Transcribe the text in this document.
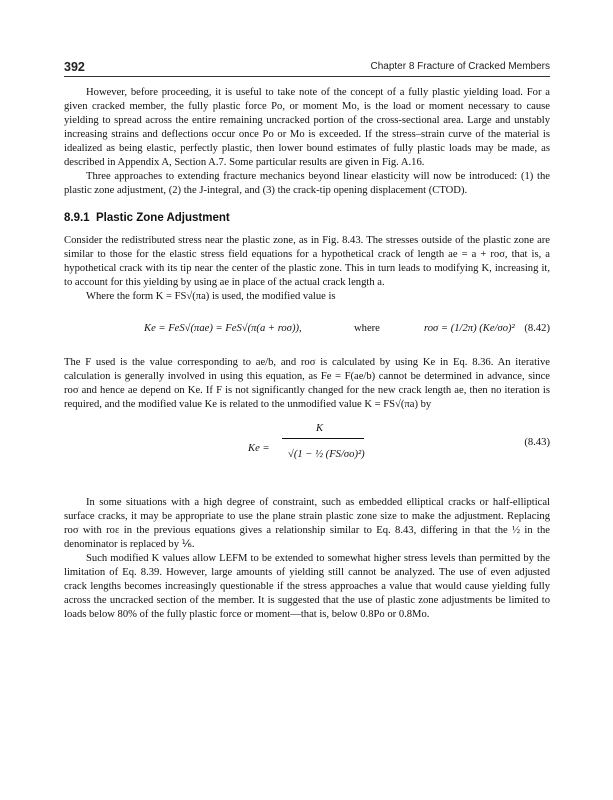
392	Chapter 8 Fracture of Cracked Members

However, before proceeding, it is useful to take note of the concept of a fully plastic yielding load. For a given cracked member, the fully plastic force Po, or moment Mo, is the load or moment necessary to cause yielding to spread across the entire remaining uncracked portion of the cross-sectional area. Large and unstably increasing strains and deflections occur once Po or Mo is exceeded. If the stress–strain curve of the material is idealized as being elastic, perfectly plastic, then lower bound estimates of fully plastic loads may be made, as described in Appendix A, Section A.7. Some particular results are given in Fig. A.16.

Three approaches to extending fracture mechanics beyond linear elasticity will now be introduced: (1) the plastic zone adjustment, (2) the J-integral, and (3) the crack-tip opening displacement (CTOD).

8.9.1 Plastic Zone Adjustment

Consider the redistributed stress near the plastic zone, as in Fig. 8.43. The stresses outside of the plastic zone are similar to those for the elastic stress field equations for a hypothetical crack of length ae = a + roσ, that is, a hypothetical crack with its tip near the center of the plastic zone. This in turn leads to modifying K, increasing it, to account for this yielding by using ae in place of the actual crack length a.

Where the form K = FS√(πa) is used, the modified value is

Ke = FeS√(πae) = FeS√(π(a + roσ)),	where	roσ = (1/2π) (Ke/σo)² (8.42)

The F used is the value corresponding to ae/b, and roσ is calculated by using Ke in Eq. 8.36. An iterative calculation is generally involved in using this equation, as Fe = F(ae/b) cannot be determined in advance, since roσ and hence ae depend on Ke. If F is not significantly changed for the new crack length ae, then no iteration is required, and the modified value Ke is related to the unmodified value K = FS√(πa) by

Ke =
K
√(1 − ½ (FS/σo)²)
(8.43)

In some situations with a high degree of constraint, such as embedded elliptical cracks or half-elliptical surface cracks, it may be appropriate to use the plane strain plastic zone size to make the adjustment. Replacing roσ with roε in the previous equations gives a relationship similar to Eq. 8.43, differing in that the ½ in the denominator is replaced by ⅙.

Such modified K values allow LEFM to be extended to somewhat higher stress levels than permitted by the limitation of Eq. 8.39. However, large amounts of yielding still cannot be analyzed. The use of even adjusted crack lengths becomes increasingly questionable if the stress approaches a value that would cause yielding fully across the uncracked section of the member. It is suggested that the use of plastic zone adjustments be limited to loads below 80% of the fully plastic force or moment—that is, below 0.8Po or 0.8Mo.
